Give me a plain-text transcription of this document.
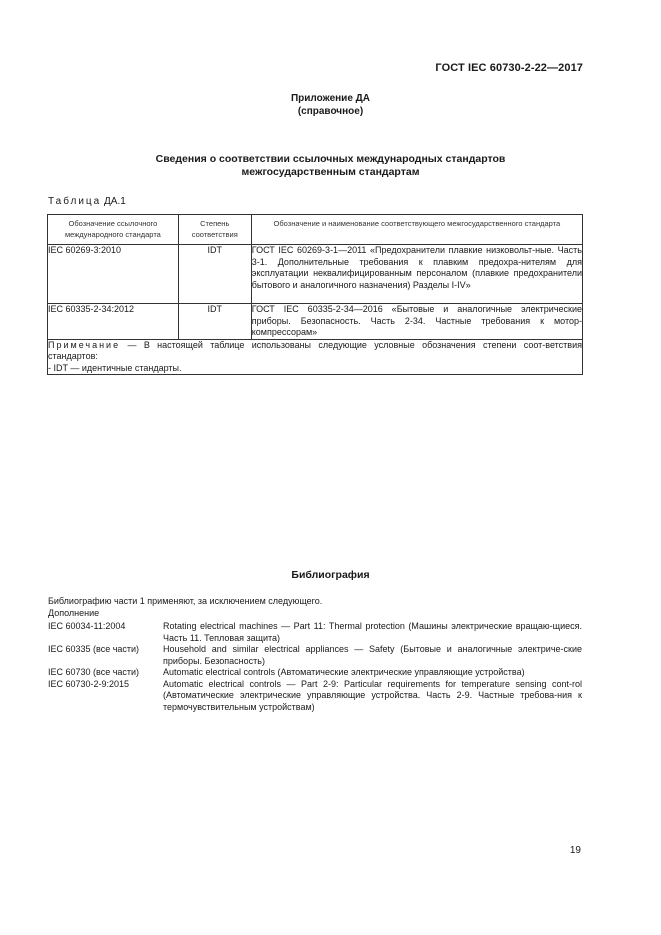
ГОСТ IEC 60730-2-22—2017
Приложение ДА
(справочное)
Сведения о соответствии ссылочных международных стандартов
межгосударственным стандартам
Таблица ДА.1
Обозначение ссылочного международного стандарта	Степень соответствия	Обозначение и наименование соответствующего межгосударственного стандарта
IEC 60269-3:2010	IDT	ГОСТ IEC 60269-3-1—2011 «Предохранители плавкие низковольт-ные. Часть 3-1. Дополнительные требования к плавким предохра-нителям для эксплуатации неквалифицированным персоналом (плавкие предохранители бытового и аналогичного назначения) Разделы I-IV»
IEC 60335-2-34:2012	IDT	ГОСТ IEC 60335-2-34—2016 «Бытовые и аналогичные электрические приборы. Безопасность. Часть 2-34. Частные требования к мотор-компрессорам»

Примечание — В настоящей таблице использованы следующие условные обозначения степени соот-ветствия стандартов:
- IDT — идентичные стандарты.		
Библиография
Библиографию части 1 применяют, за исключением следующего.
Дополнение
IEC 60034-11:2004	Rotating electrical machines — Part 11: Thermal protection (Машины электрические вращаю-щиеся. Часть 11. Тепловая защита)
IEC 60335 (все части)	Household and similar electrical appliances — Safety (Бытовые и аналогичные электриче-ские приборы. Безопасность)
IEC 60730 (все части)	Automatic electrical controls (Автоматические электрические управляющие устройства)
IEC 60730-2-9:2015	Automatic electrical controls — Part 2-9: Particular requirements for temperature sensing cont-rol (Автоматические электрические управляющие устройства. Часть 2-9. Частные требова-ния к термочувствительным устройствам)
19
